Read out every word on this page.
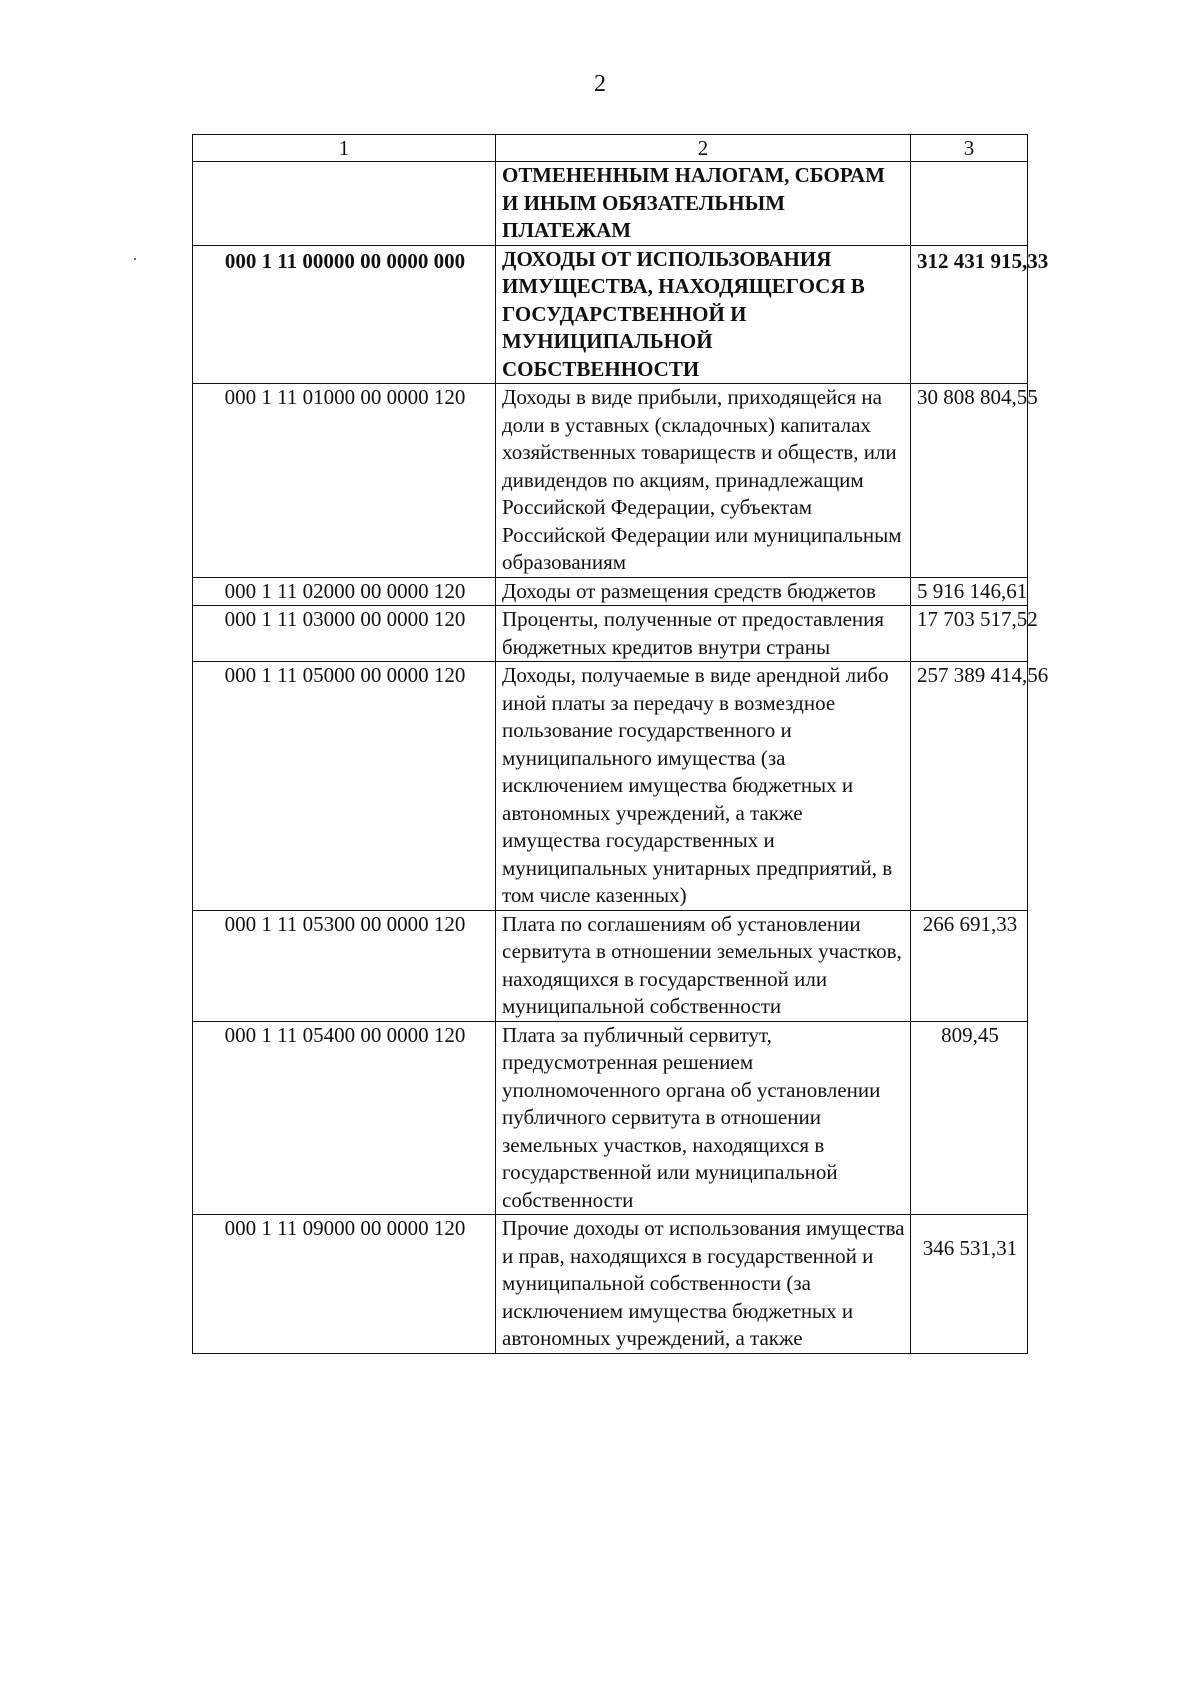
2
1	2	3
	ОТМЕНЕННЫМ НАЛОГАМ, СБОРАМ И ИНЫМ ОБЯЗАТЕЛЬНЫМ ПЛАТЕЖАМ	
000 1 11 00000 00 0000 000	ДОХОДЫ ОТ ИСПОЛЬЗОВАНИЯ ИМУЩЕСТВА, НАХОДЯЩЕГОСЯ В ГОСУДАРСТВЕННОЙ И МУНИЦИПАЛЬНОЙ СОБСТВЕННОСТИ	312 431 915,33
000 1 11 01000 00 0000 120	Доходы в виде прибыли, приходящейся на доли в уставных (складочных) капиталах хозяйственных товариществ и обществ, или дивидендов по акциям, принадлежащим Российской Федерации, субъектам Российской Федерации или муниципальным образованиям	30 808 804,55
000 1 11 02000 00 0000 120	Доходы от размещения средств бюджетов	5 916 146,61
000 1 11 03000 00 0000 120	Проценты, полученные от предоставления бюджетных кредитов внутри страны	17 703 517,52
000 1 11 05000 00 0000 120	Доходы, получаемые в виде арендной либо иной платы за передачу в возмездное пользование государственного и муниципального имущества (за исключением имущества бюджетных и автономных учреждений, а также имущества государственных и муниципальных унитарных предприятий, в том числе казенных)	257 389 414,56
000 1 11 05300 00 0000 120	Плата по соглашениям об установлении сервитута в отношении земельных участков, находящихся в государственной или муниципальной собственности	266 691,33
000 1 11 05400 00 0000 120	Плата за публичный сервитут, предусмотренная решением уполномоченного органа об установлении публичного сервитута в отношении земельных участков, находящихся в государственной или муниципальной собственности	809,45
000 1 11 09000 00 0000 120	Прочие доходы от использования имущества и прав, находящихся в государственной и муниципальной собственности (за исключением имущества бюджетных и автономных учреждений, а также	346 531,31
